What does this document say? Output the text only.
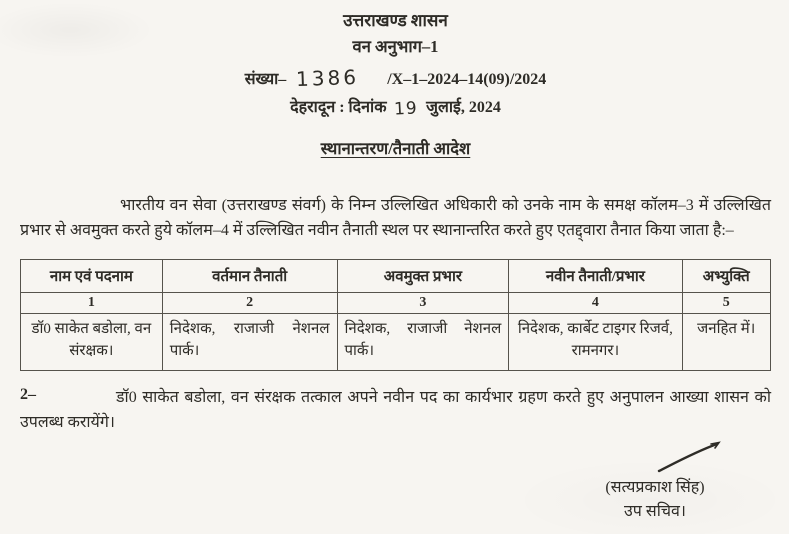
उत्तराखण्ड शासन
वन अनुभाग–1
संख्या– 1386 /X–1–2024–14(09)/2024
देहरादून : दिनांक 19 जुलाई, 2024
स्थानान्तरण/तैनाती आदेश

भारतीय वन सेवा (उत्तराखण्ड संवर्ग) के निम्न उल्लिखित अधिकारी को उनके नाम के समक्ष कॉलम–3 में उल्लिखित प्रभार से अवमुक्त करते हुये कॉलम–4 में उल्लिखित नवीन तैनाती स्थल पर स्थानान्तरित करते हुए एतद्द्वारा तैनात किया जाता है:–

नाम एवं पदनाम	वर्तमान तैनाती	अवमुक्त प्रभार	नवीन तैनाती/प्रभार	अभ्युक्ति
1	2	3	4	5
डॉ0 साकेत बडोला, वन संरक्षक।	निदेशक, राजाजी नेशनल पार्क।	निदेशक, राजाजी नेशनल पार्क।	निदेशक, कार्बेट टाइगर रिजर्व, रामनगर।	जनहित में।
2–	डॉ0 साकेत बडोला, वन संरक्षक तत्काल अपने नवीन पद का कार्यभार ग्रहण करते हुए अनुपालन आख्या शासन को उपलब्ध करायेंगे।

(सत्यप्रकाश सिंह)
उप सचिव।
